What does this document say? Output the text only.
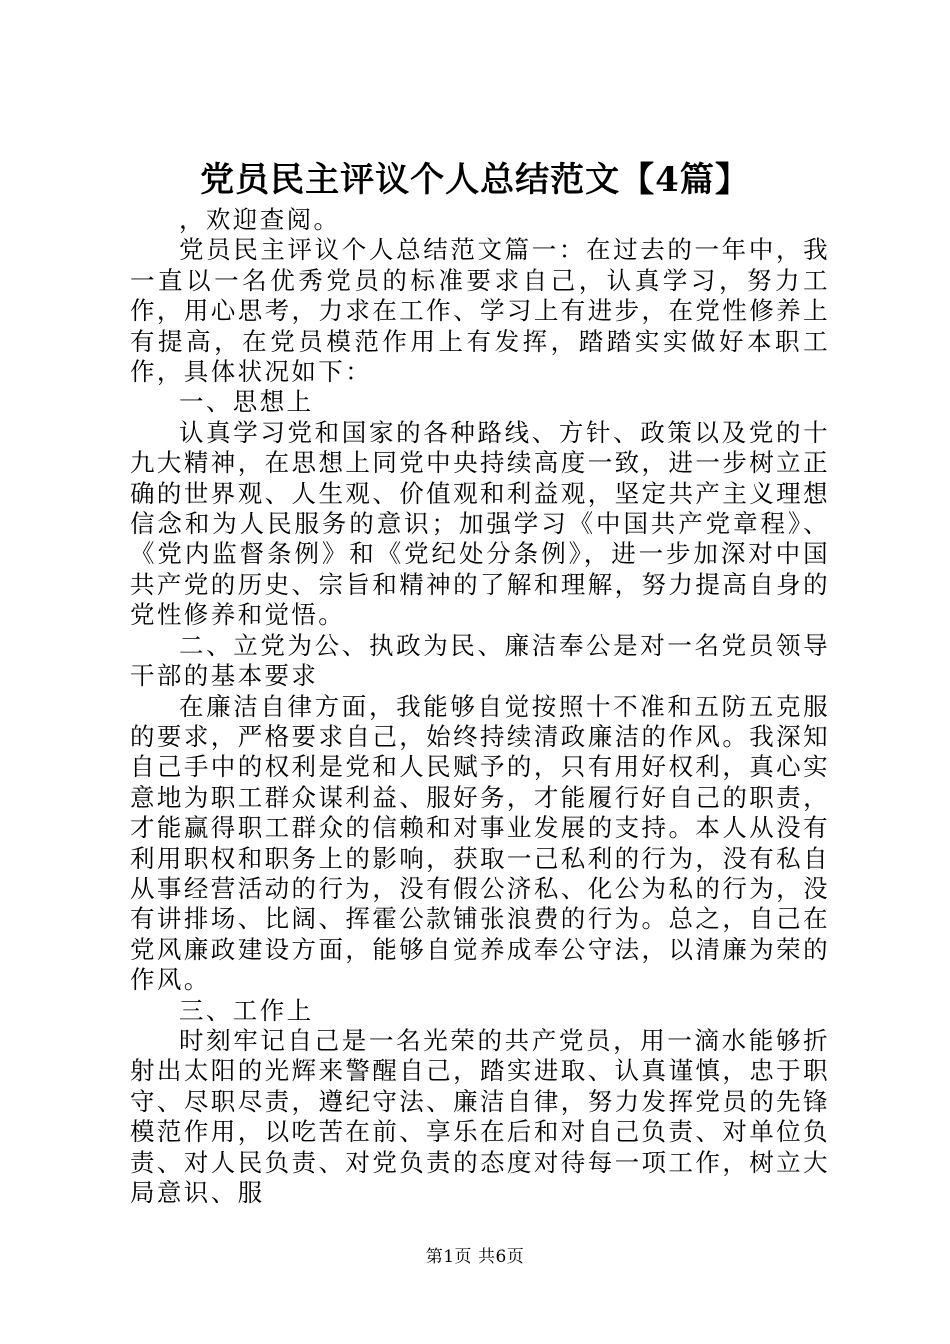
党员民主评议个人总结范文【4篇】

，欢迎查阅。

党员民主评议个人总结范文篇一：在过去的一年中，我一直以一名优秀党员的标准要求自己，认真学习，努力工作，用心思考，力求在工作、学习上有进步，在党性修养上有提高，在党员模范作用上有发挥，踏踏实实做好本职工作，具体状况如下：

一、思想上

认真学习党和国家的各种路线、方针、政策以及党的十九大精神，在思想上同党中央持续高度一致，进一步树立正确的世界观、人生观、价值观和利益观，坚定共产主义理想信念和为人民服务的意识；加强学习《中国共产党章程》、《党内监督条例》和《党纪处分条例》，进一步加深对中国共产党的历史、宗旨和精神的了解和理解，努力提高自身的党性修养和觉悟。

二、立党为公、执政为民、廉洁奉公是对一名党员领导干部的基本要求

在廉洁自律方面，我能够自觉按照十不准和五防五克服的要求，严格要求自己，始终持续清政廉洁的作风。我深知自己手中的权利是党和人民赋予的，只有用好权利，真心实意地为职工群众谋利益、服好务，才能履行好自己的职责，才能赢得职工群众的信赖和对事业发展的支持。本人从没有利用职权和职务上的影响，获取一己私利的行为，没有私自从事经营活动的行为，没有假公济私、化公为私的行为，没有讲排场、比阔、挥霍公款铺张浪费的行为。总之，自己在党风廉政建设方面，能够自觉养成奉公守法，以清廉为荣的作风。

三、工作上

时刻牢记自己是一名光荣的共产党员，用一滴水能够折射出太阳的光辉来警醒自己，踏实进取、认真谨慎，忠于职守、尽职尽责，遵纪守法、廉洁自律，努力发挥党员的先锋模范作用，以吃苦在前、享乐在后和对自己负责、对单位负责、对人民负责、对党负责的态度对待每一项工作，树立大局意识、服

第1页 共6页
